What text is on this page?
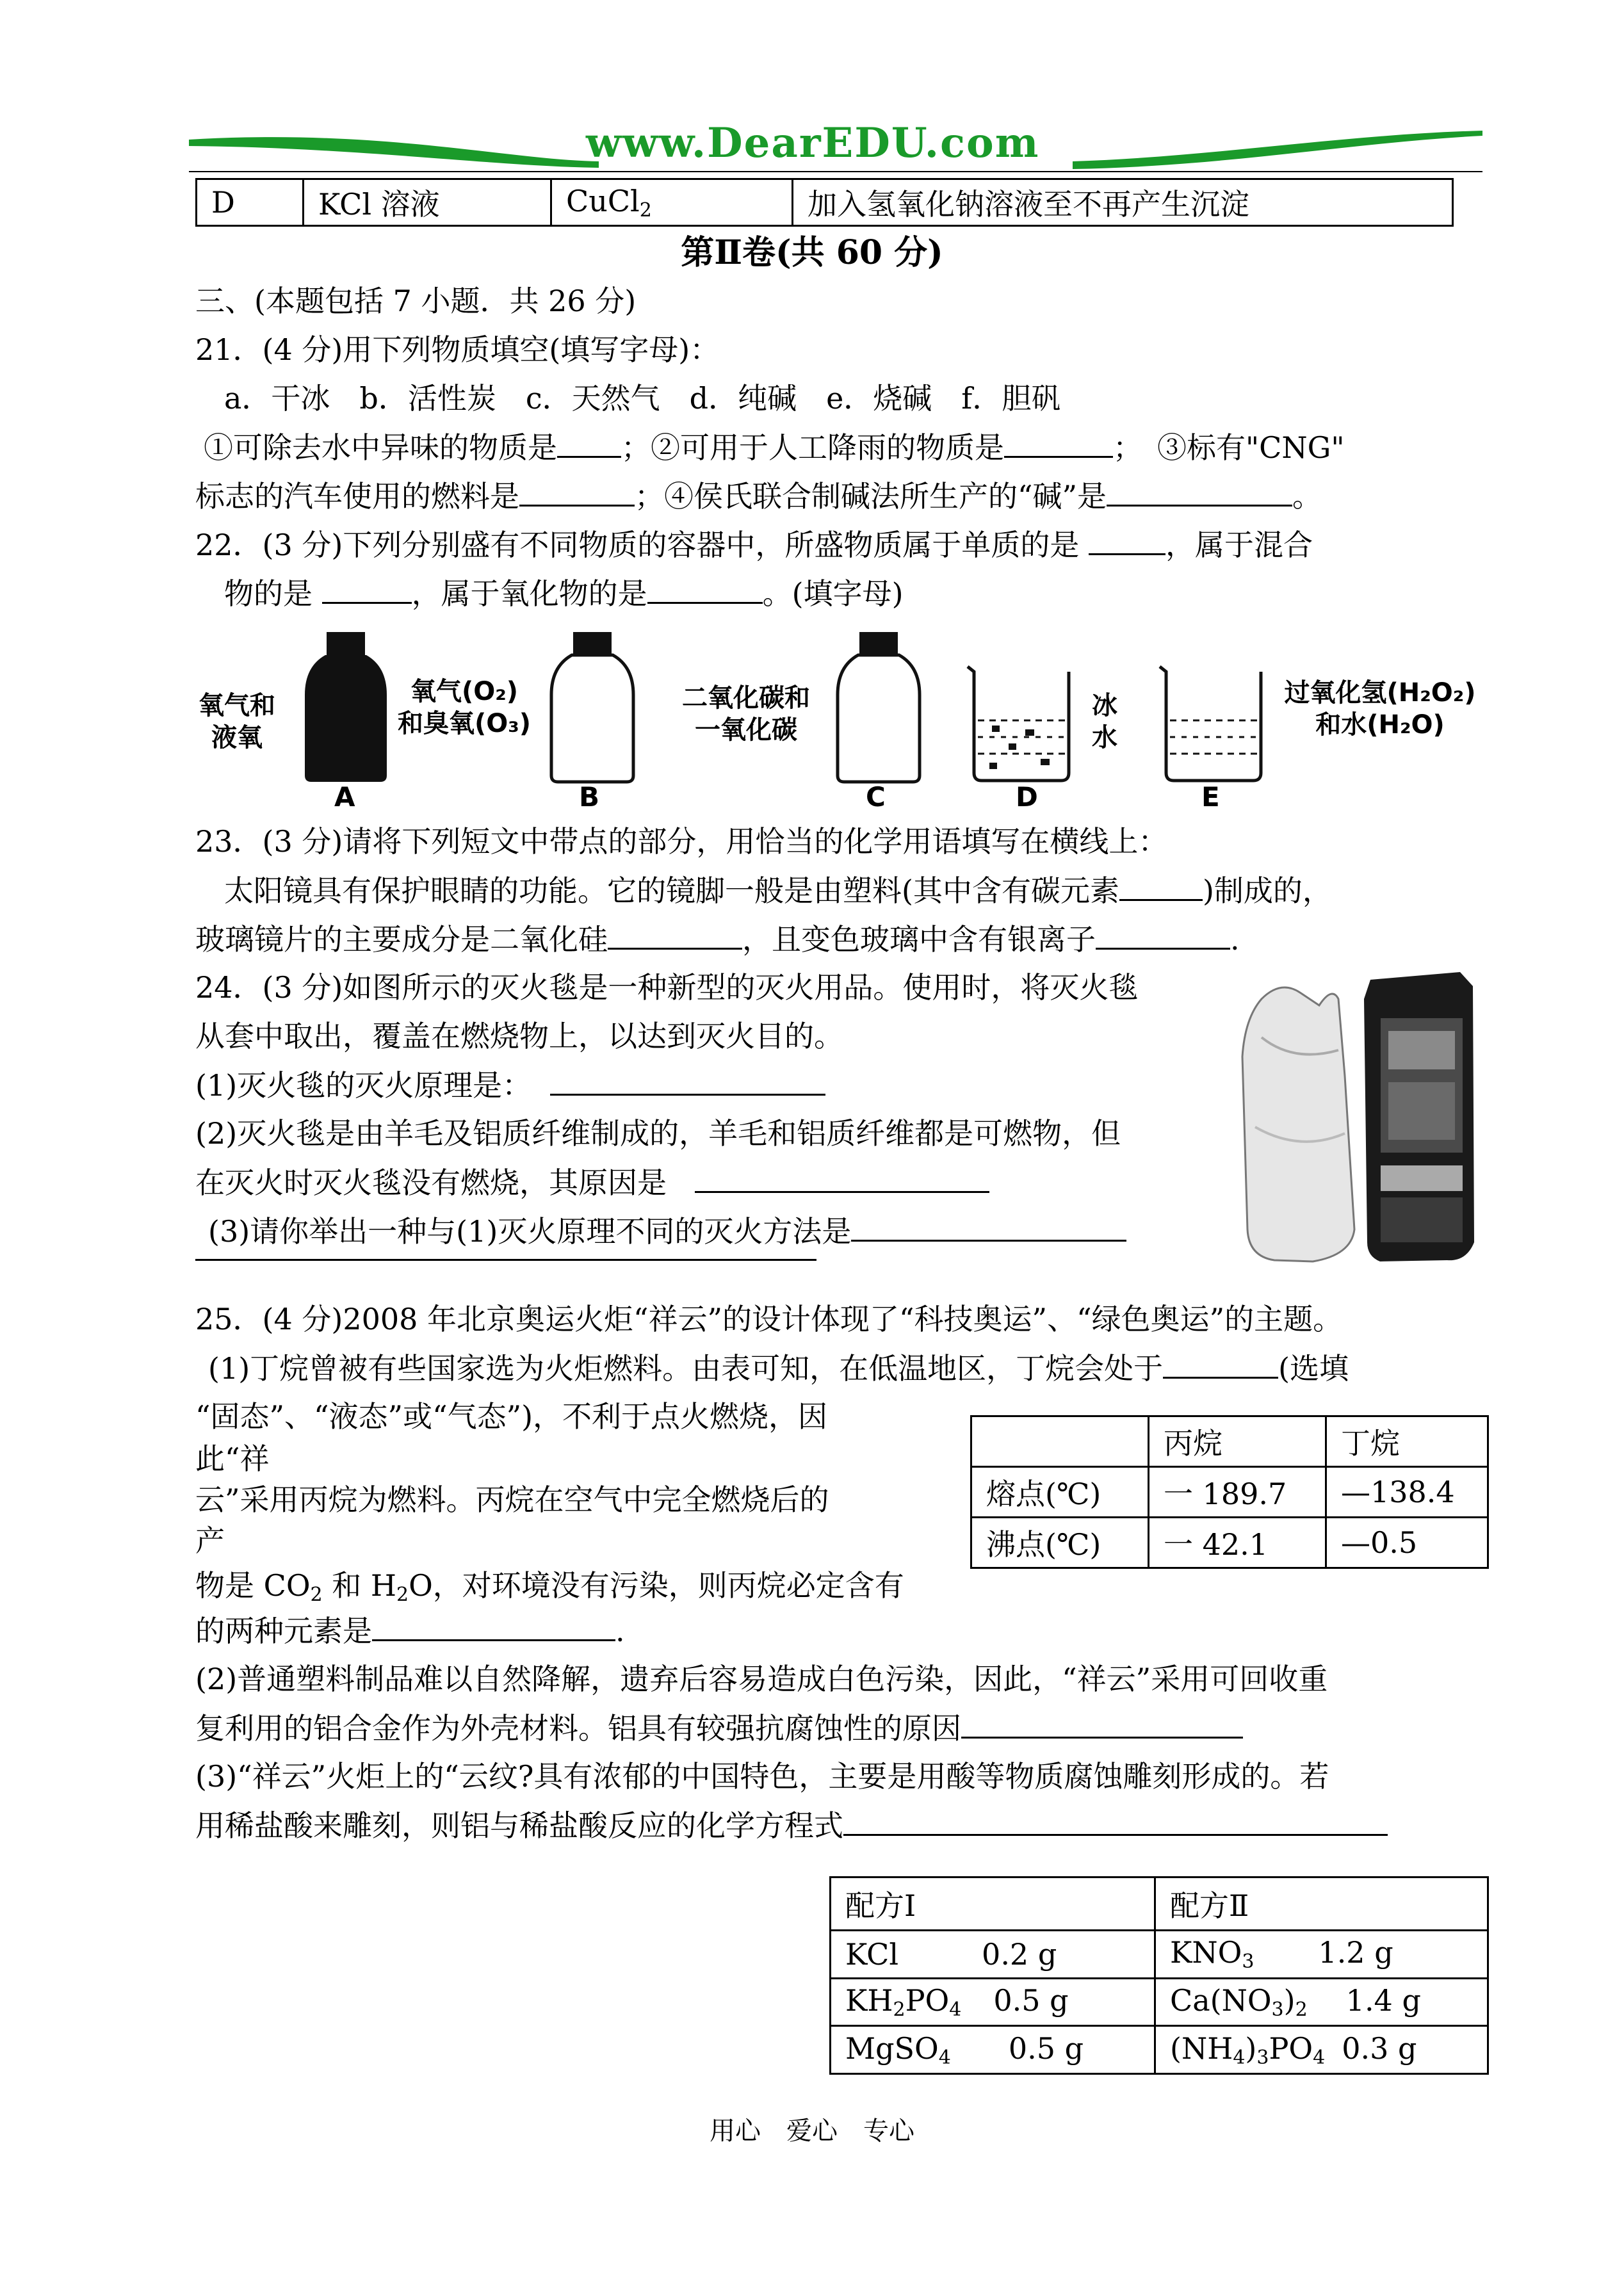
www.DearEDU.com
D	KCl 溶液	CuCl$_2$	加入氢氧化钠溶液至不再产生沉淀
第Ⅱ卷(共 60 分)
三、(本题包括 7 小题．共 26 分)
21．(4 分)用下列物质填空(填写字母)：
a．干冰　b．活性炭　c．天然气　d．纯碱　e．烧碱　f．胆矾
①可除去水中异味的物质是 ；②可用于人工降雨的物质是	；　③标有"CNG"
标志的汽车使用的燃料是	；④侯氏联合制碱法所生产的“碱”是	。
22．(3 分)下列分别盛有不同物质的容器中，所盛物质属于单质的是	，属于混合
物的是	，属于氧化物的是	。(填字母)
氧气和
液氧
A
氧气(O₂)
和臭氧(O₃)
B
二氧化碳和
一氧化碳
C
冰
水
D
过氧化氢(H₂O₂)
和水(H₂O)
E
23．(3 分)请将下列短文中带点的部分，用恰当的化学用语填写在横线上：
太阳镜具有保护眼睛的功能。它的镜脚一般是由塑料(其中含有碳元素	)制成的，
玻璃镜片的主要成分是二氧化硅	，且变色玻璃中含有银离子	.
24．(3 分)如图所示的灭火毯是一种新型的灭火用品。使用时，将灭火毯
从套中取出，覆盖在燃烧物上，以达到灭火目的。
(1)灭火毯的灭火原理是：
(2)灭火毯是由羊毛及铝质纤维制成的，羊毛和铝质纤维都是可燃物，但
在灭火时灭火毯没有燃烧，其原因是
(3)请你举出一种与(1)灭火原理不同的灭火方法是
25．(4 分)2008 年北京奥运火炬“祥云”的设计体现了“科技奥运”、“绿色奥运”的主题。
(1)丁烷曾被有些国家选为火炬燃料。由表可知，在低温地区，丁烷会处于	(选填
“固态”、“液态”或“气态”)，不利于点火燃烧，因
此“祥
云”采用丙烷为燃料。丙烷在空气中完全燃烧后的
产
物是 $CO_2$ 和 $H_2O$，对环境没有污染，则丙烷必定含有
的两种元素是	.
(2)普通塑料制品难以自然降解，遗弃后容易造成白色污染，因此，“祥云”采用可回收重
复利用的铝合金作为外壳材料。铝具有较强抗腐蚀性的原因
(3)“祥云”火炬上的“云纹?具有浓郁的中国特色，主要是用酸等物质腐蚀雕刻形成的。若
用稀盐酸来雕刻，则铝与稀盐酸反应的化学方程式
	丙烷	丁烷
熔点(℃)	一 189.7	—138.4
沸点(℃)	一 42.1	—0.5
配方Ⅰ	配方Ⅱ
KCl 0.2 g	$KNO_3$ 1.2 g
$KH_2PO_4$ 0.5 g	$Ca(NO_3)_2$ 1.4 g
MgSO$_4$ 0.5 g	$(NH_4)_3PO_4$ 0.3 g
用心　爱心　专心
